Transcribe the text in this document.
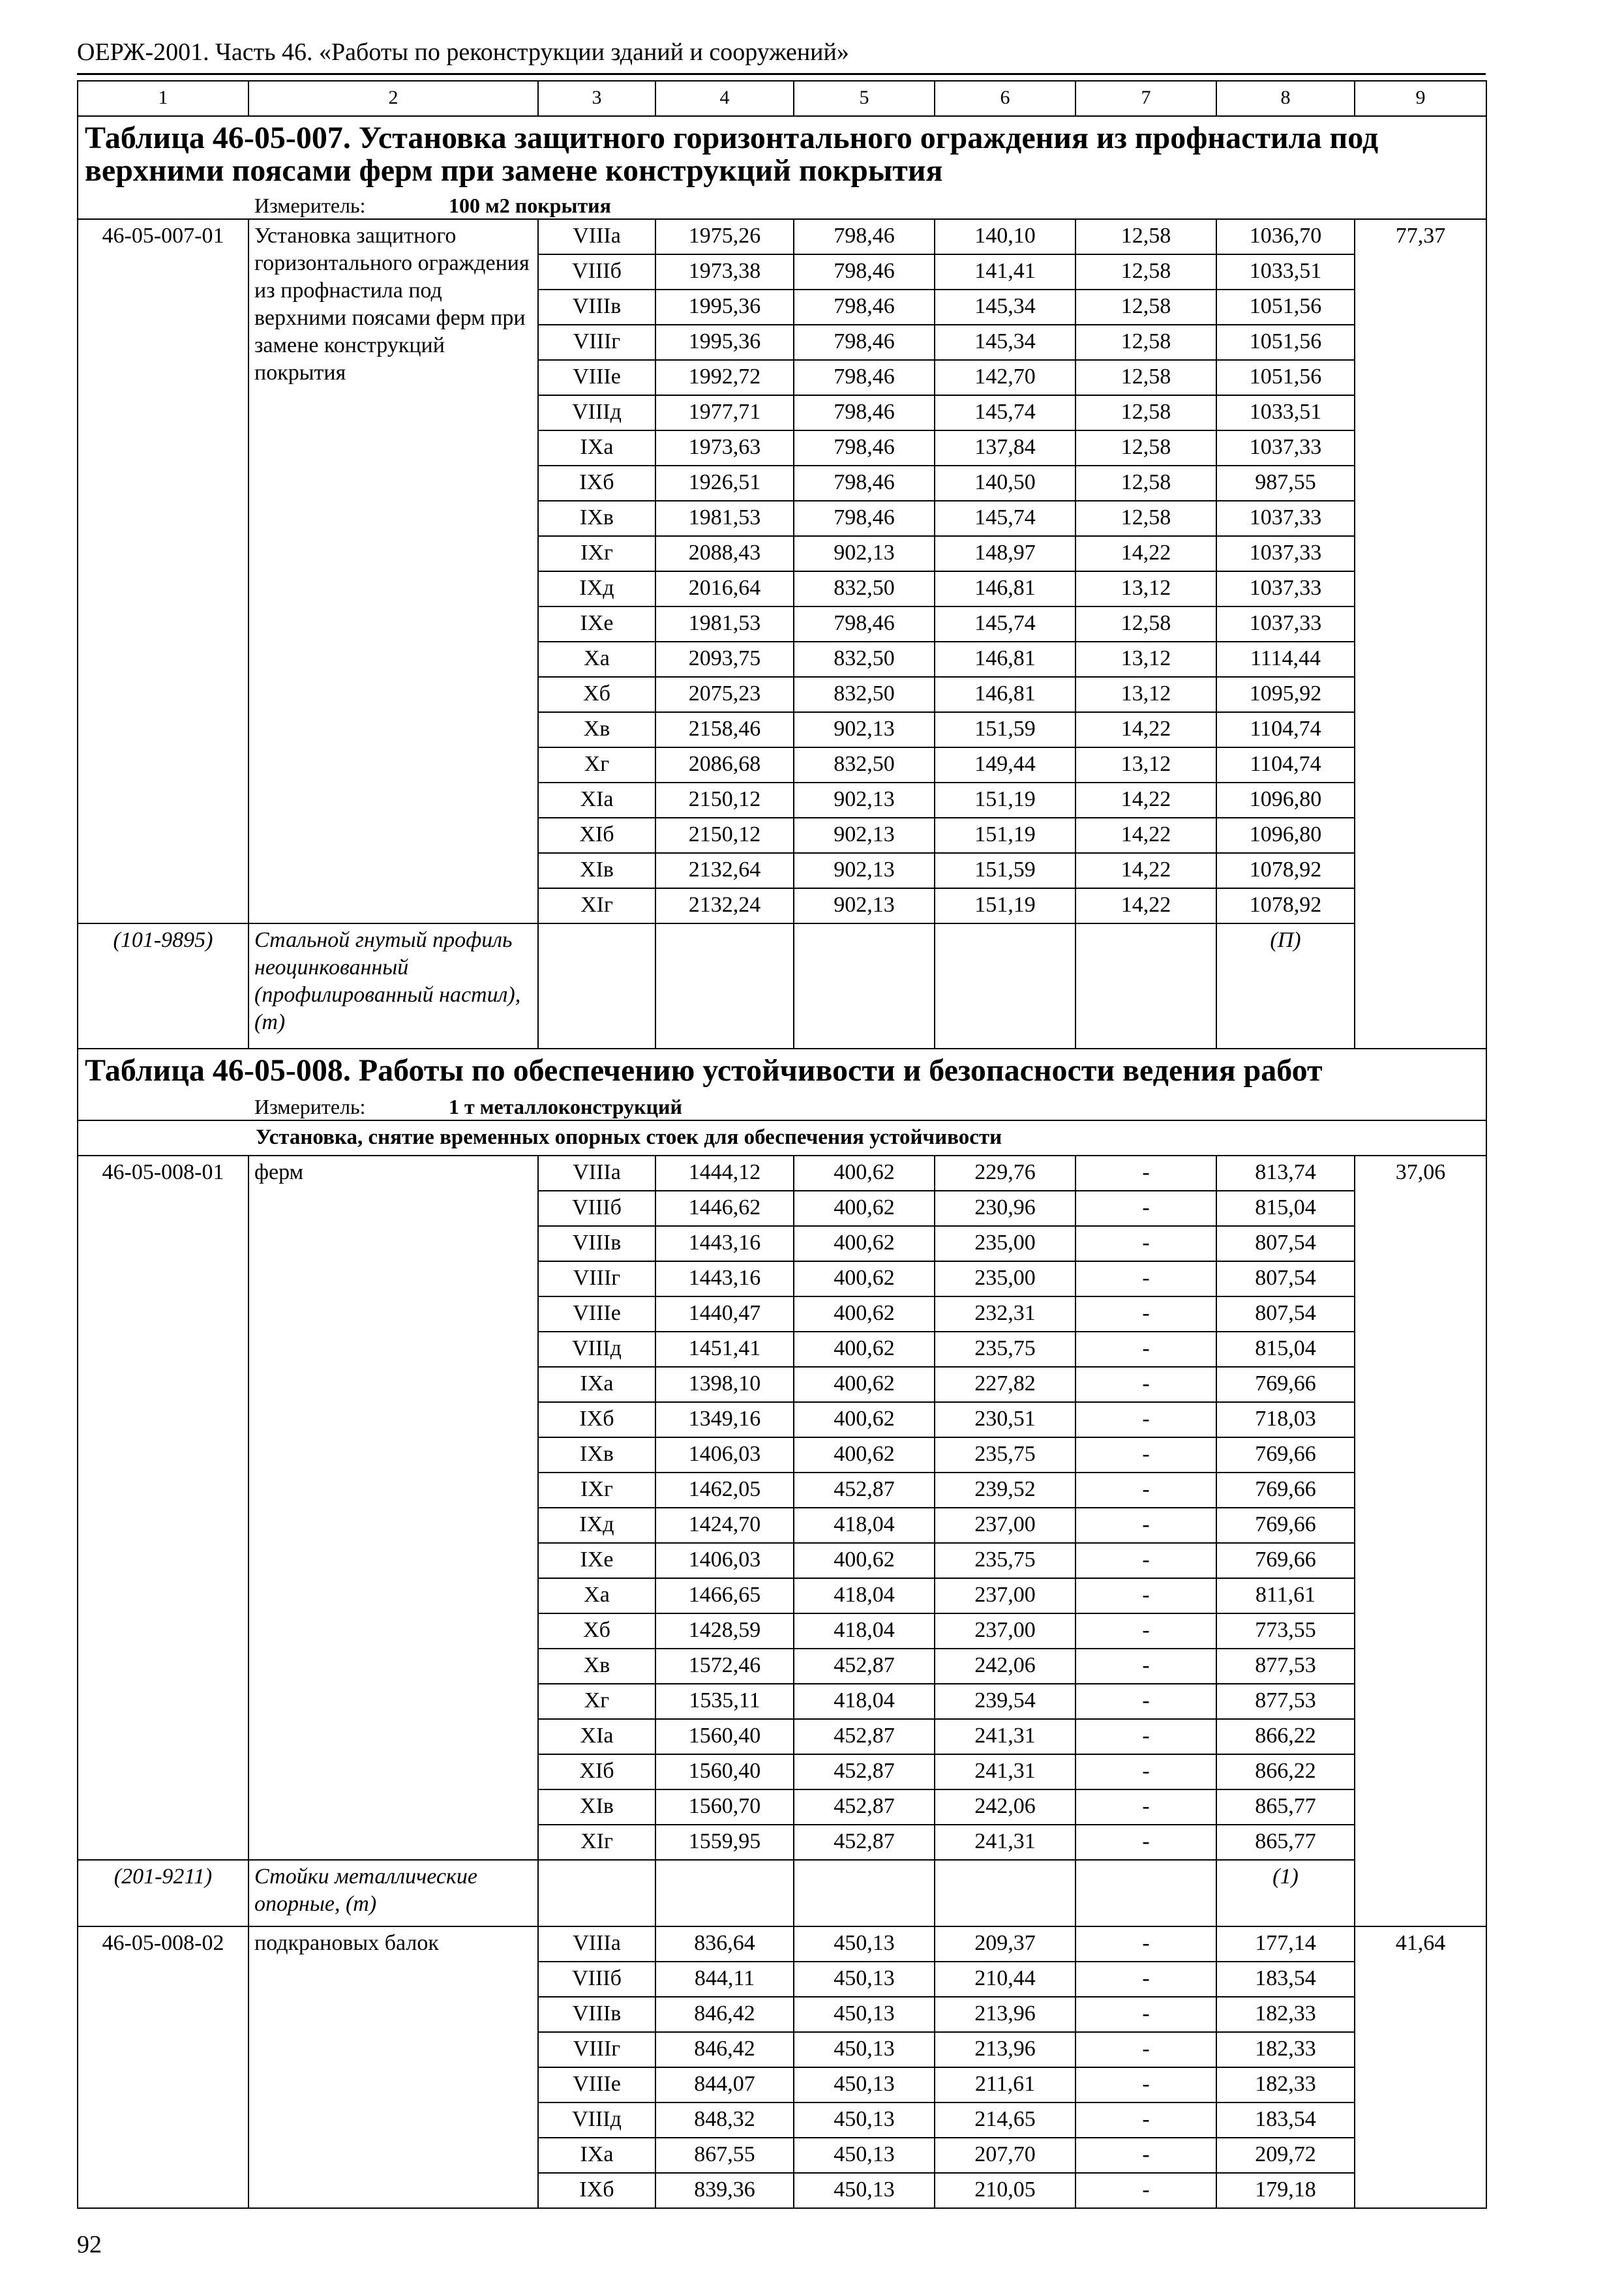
ОЕРЖ-2001. Часть 46. «Работы по реконструкции зданий и сооружений»
1	2	3	4	5	6	7	8	9
Таблица 46-05-007. Установка защитного горизонтального ограждения из профнастила под верхними поясами ферм при замене конструкций покрытия								
Измеритель: 100 м2 покрытия								
46-05-007-01	Установка защитного горизонтального ограждения из профнастила под верхними поясами ферм при замене конструкций покрытия	VIIIа	1975,26	798,46	140,10	12,58	1036,70	77,37
		VIIIб	1973,38	798,46	141,41	12,58	1033,51	
		VIIIв	1995,36	798,46	145,34	12,58	1051,56	
		VIIIг	1995,36	798,46	145,34	12,58	1051,56	
		VIIIе	1992,72	798,46	142,70	12,58	1051,56	
		VIIIд	1977,71	798,46	145,74	12,58	1033,51	
		IXа	1973,63	798,46	137,84	12,58	1037,33	
		IXб	1926,51	798,46	140,50	12,58	987,55	
		IXв	1981,53	798,46	145,74	12,58	1037,33	
		IXг	2088,43	902,13	148,97	14,22	1037,33	
		IXд	2016,64	832,50	146,81	13,12	1037,33	
		IXе	1981,53	798,46	145,74	12,58	1037,33	
		Xа	2093,75	832,50	146,81	13,12	1114,44	
		Xб	2075,23	832,50	146,81	13,12	1095,92	
		Xв	2158,46	902,13	151,59	14,22	1104,74	
		Xг	2086,68	832,50	149,44	13,12	1104,74	
		XIа	2150,12	902,13	151,19	14,22	1096,80	
		XIб	2150,12	902,13	151,19	14,22	1096,80	
		XIв	2132,64	902,13	151,59	14,22	1078,92	
		XIг	2132,24	902,13	151,19	14,22	1078,92	
(101-9895)	Стальной гнутый профиль неоцинкованный (профилированный настил), (т)						(П)	
Таблица 46-05-008. Работы по обеспечению устойчивости и безопасности ведения работ								
Измеритель: 1 т металлоконструкций								
Установка, снятие временных опорных стоек для обеспечения устойчивости								
46-05-008-01	ферм	VIIIа	1444,12	400,62	229,76	-	813,74	37,06
		VIIIб	1446,62	400,62	230,96	-	815,04	
		VIIIв	1443,16	400,62	235,00	-	807,54	
		VIIIг	1443,16	400,62	235,00	-	807,54	
		VIIIе	1440,47	400,62	232,31	-	807,54	
		VIIIд	1451,41	400,62	235,75	-	815,04	
		IXа	1398,10	400,62	227,82	-	769,66	
		IXб	1349,16	400,62	230,51	-	718,03	
		IXв	1406,03	400,62	235,75	-	769,66	
		IXг	1462,05	452,87	239,52	-	769,66	
		IXд	1424,70	418,04	237,00	-	769,66	
		IXе	1406,03	400,62	235,75	-	769,66	
		Xа	1466,65	418,04	237,00	-	811,61	
		Xб	1428,59	418,04	237,00	-	773,55	
		Xв	1572,46	452,87	242,06	-	877,53	
		Xг	1535,11	418,04	239,54	-	877,53	
		XIа	1560,40	452,87	241,31	-	866,22	
		XIб	1560,40	452,87	241,31	-	866,22	
		XIв	1560,70	452,87	242,06	-	865,77	
		XIг	1559,95	452,87	241,31	-	865,77	
(201-9211)	Стойки металлические опорные, (т)						(1)	
46-05-008-02	подкрановых балок	VIIIа	836,64	450,13	209,37	-	177,14	41,64
		VIIIб	844,11	450,13	210,44	-	183,54	
		VIIIв	846,42	450,13	213,96	-	182,33	
		VIIIг	846,42	450,13	213,96	-	182,33	
		VIIIе	844,07	450,13	211,61	-	182,33	
		VIIIд	848,32	450,13	214,65	-	183,54	
		IXа	867,55	450,13	207,70	-	209,72	
		IXб	839,36	450,13	210,05	-	179,18	
92
